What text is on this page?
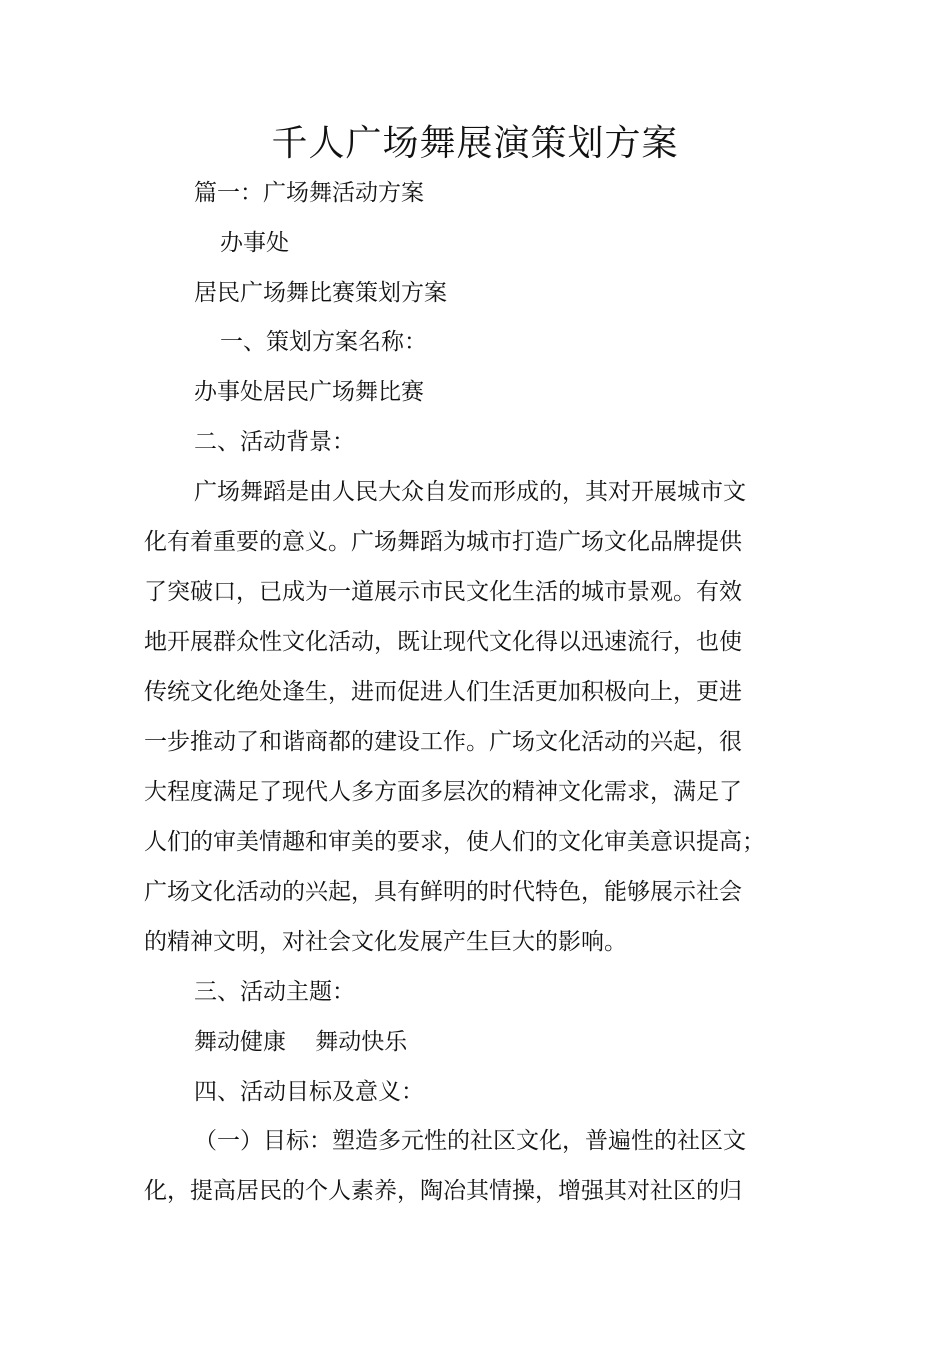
千人广场舞展演策划方案

篇一：广场舞活动方案

办事处

居民广场舞比赛策划方案

一、策划方案名称：

办事处居民广场舞比赛

二、活动背景：

广场舞蹈是由人民大众自发而形成的，其对开展城市文

化有着重要的意义。广场舞蹈为城市打造广场文化品牌提供

了突破口，已成为一道展示市民文化生活的城市景观。有效

地开展群众性文化活动，既让现代文化得以迅速流行，也使

传统文化绝处逢生，进而促进人们生活更加积极向上，更进

一步推动了和谐商都的建设工作。广场文化活动的兴起，很

大程度满足了现代人多方面多层次的精神文化需求，满足了

人们的审美情趣和审美的要求，使人们的文化审美意识提高；

广场文化活动的兴起，具有鲜明的时代特色，能够展示社会

的精神文明，对社会文化发展产生巨大的影响。

三、活动主题：

舞动健康    舞动快乐

四、活动目标及意义：

（一）目标：塑造多元性的社区文化，普遍性的社区文

化，提高居民的个人素养，陶冶其情操，增强其对社区的归
